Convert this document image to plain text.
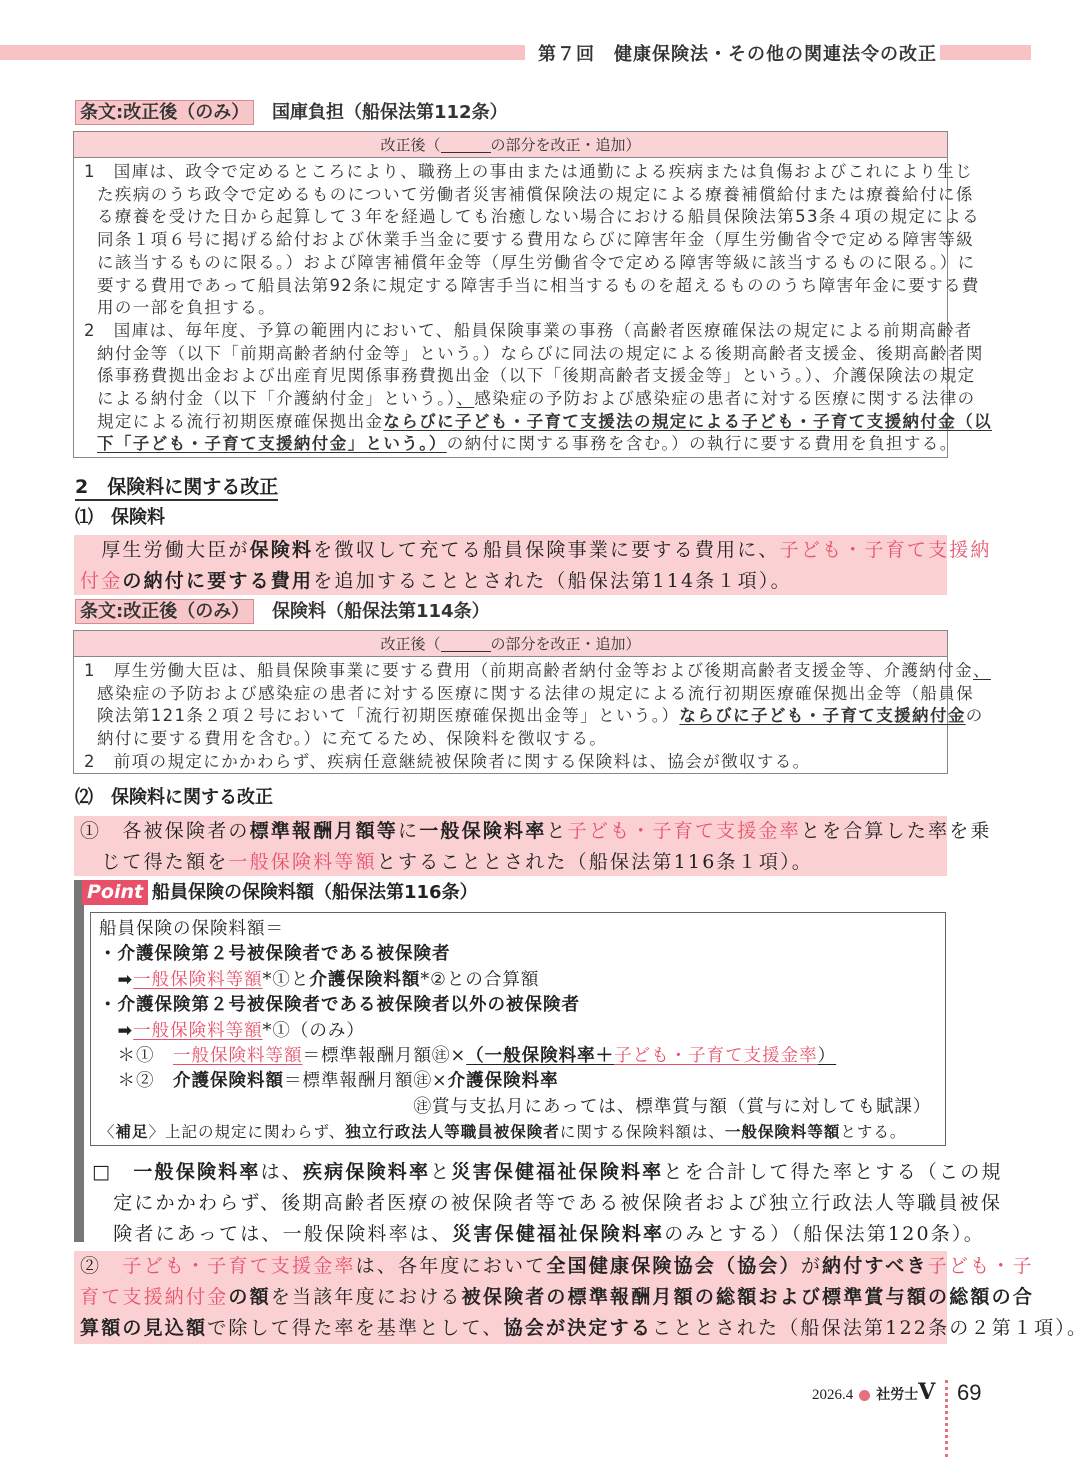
第７回　健康保険法・その他の関連法令の改正
条文:改正後（のみ） 国庫負担（船保法第112条）
改正後（	の部分を改正・追加）
1　国庫は、政令で定めるところにより、職務上の事由または通勤による疾病または負傷およびこれにより生じ
た疾病のうち政令で定めるものについて労働者災害補償保険法の規定による療養補償給付または療養給付に係
る療養を受けた日から起算して３年を経過しても治癒しない場合における船員保険法第53条４項の規定による
同条１項６号に掲げる給付および休業手当金に要する費用ならびに障害年金（厚生労働省令で定める障害等級
に該当するものに限る。）および障害補償年金等（厚生労働省令で定める障害等級に該当するものに限る。）に
要する費用であって船員法第92条に規定する障害手当に相当するものを超えるもののうち障害年金に要する費
用の一部を負担する。
2　国庫は、毎年度、予算の範囲内において、船員保険事業の事務（高齢者医療確保法の規定による前期高齢者
納付金等（以下「前期高齢者納付金等」という。）ならびに同法の規定による後期高齢者支援金、後期高齢者関
係事務費拠出金および出産育児関係事務費拠出金（以下「後期高齢者支援金等」という。）、介護保険法の規定
による納付金（以下「介護納付金」という。）、感染症の予防および感染症の患者に対する医療に関する法律の
規定による流行初期医療確保拠出金ならびに子ども・子育て支援法の規定による子ども・子育て支援納付金（以
下「子ども・子育て支援納付金」という。）の納付に関する事務を含む。）の執行に要する費用を負担する。
2　保険料に関する改正
⑴　保険料
　厚生労働大臣が保険料を徴収して充てる船員保険事業に要する費用に、子ども・子育て支援納
付金の納付に要する費用を追加することとされた（船保法第114条１項）。
条文:改正後（のみ） 保険料（船保法第114条）
改正後（	の部分を改正・追加）
1　厚生労働大臣は、船員保険事業に要する費用（前期高齢者納付金等および後期高齢者支援金等、介護納付金、
感染症の予防および感染症の患者に対する医療に関する法律の規定による流行初期医療確保拠出金等（船員保
険法第121条２項２号において「流行初期医療確保拠出金等」という。）ならびに子ども・子育て支援納付金の
納付に要する費用を含む。）に充てるため、保険料を徴収する。
2　前項の規定にかかわらず、疾病任意継続被保険者に関する保険料は、協会が徴収する。
⑵　保険料に関する改正
①　各被保険者の標準報酬月額等に一般保険料率と子ども・子育て支援金率とを合算した率を乗
　じて得た額を一般保険料等額とすることとされた（船保法第116条１項）。
Point 船員保険の保険料額（船保法第116条）
船員保険の保険料額＝
・介護保険第２号被保険者である被保険者
　➡一般保険料等額*①と介護保険料額*②との合算額
・介護保険第２号被保険者である被保険者以外の被保険者
　➡一般保険料等額*①（のみ）
　＊①　一般保険料等額＝標準報酬月額㊟×（一般保険料率＋子ども・子育て支援金率）
　＊②　介護保険料額＝標準報酬月額㊟×介護保険料率
　　　　　　　　　　　　　　　　　㊟賞与支払月にあっては、標準賞与額（賞与に対しても賦課）
〈補足〉上記の規定に関わらず、独立行政法人等職員被保険者に関する保険料額は、一般保険料等額とする。
□　一般保険料率は、疾病保険料率と災害保健福祉保険料率とを合計して得た率とする（この規
　定にかかわらず、後期高齢者医療の被保険者等である被保険者および独立行政法人等職員被保
　険者にあっては、一般保険料率は、災害保健福祉保険料率のみとする）（船保法第120条）。
②　子ども・子育て支援金率は、各年度において全国健康保険協会（協会）が納付すべき子ども・子
育て支援納付金の額を当該年度における被保険者の標準報酬月額の総額および標準賞与額の総額の合
算額の見込額で除して得た率を基準として、協会が決定することとされた（船保法第122条の２第１項）。
2026.4 社労士V 69
